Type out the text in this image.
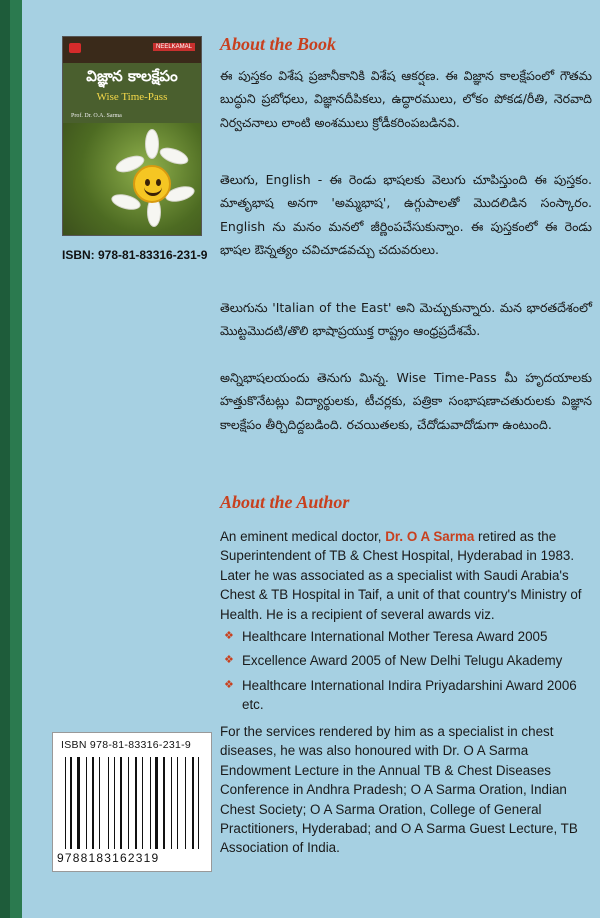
NEELKAMAL
విజ్ఞాన కాలక్షేపం
Wise Time-Pass
Prof. Dr. O.A. Sarma
ISBN: 978-81-83316-231-9
About the Book

ఈ పుస్తకం విశేష ప్రజానీకానికి విశేష ఆకర్షణ. ఈ విజ్ఞాన కాలక్షేపంలో గౌతమ బుద్ధుని ప్రబోధలు, విజ్ఞానదీపికలు, ఉద్ధారములు, లోకం పోకడ/రీతి, నెరవాది నిర్వచనాలు లాంటి అంశములు క్రోడీకరింపబడినవి.

తెలుగు, English - ఈ రెండు భాషలకు వెలుగు చూపిస్తుంది ఈ పుస్తకం. మాతృభాష అనగా 'అమ్మభాష', ఉగ్గుపాలతో మొదలిడిన సంస్కారం. English ను మనం మనలో జీర్ణింపచేసుకున్నాం. ఈ పుస్తకంలో ఈ రెండు భాషల ఔన్నత్యం చవిచూడవచ్చు చదువరులు.

తెలుగును 'Italian of the East' అని మెచ్చుకున్నారు. మన భారతదేశంలో మొట్టమొదటి/తొలి భాషాప్రయుక్త రాష్ట్రం ఆంధ్రప్రదేశమే.

అన్నిభాషలయందు తెనుగు మిన్న. Wise Time-Pass మీ హృదయాలకు హత్తుకొనేటట్లు విద్యార్థులకు, టీచర్లకు, పత్రికా సంభాషణాచతురులకు విజ్ఞాన కాలక్షేపం తీర్చిదిద్దబడింది. రచయితలకు, చేదోడువాదోడుగా ఉంటుంది.

About the Author

An eminent medical doctor, Dr. O A Sarma retired as the Superintendent of TB & Chest Hospital, Hyderabad in 1983. Later he was associated as a specialist with Saudi Arabia's Chest & TB Hospital in Taif, a unit of that country's Ministry of Health. He is a recipient of several awards viz.

❖ Healthcare International Mother Teresa Award 2005
❖ Excellence Award 2005 of New Delhi Telugu Akademy
❖ Healthcare International Indira Priyadarshini Award 2006 etc.

For the services rendered by him as a specialist in chest diseases, he was also honoured with Dr. O A Sarma Endowment Lecture in the Annual TB & Chest Diseases Conference in Andhra Pradesh; O A Sarma Oration, Indian Chest Society; O A Sarma Oration, College of General Practitioners, Hyderabad; and O A Sarma Guest Lecture, TB Association of India.

ISBN 978-81-83316-231-9
9788183162319
